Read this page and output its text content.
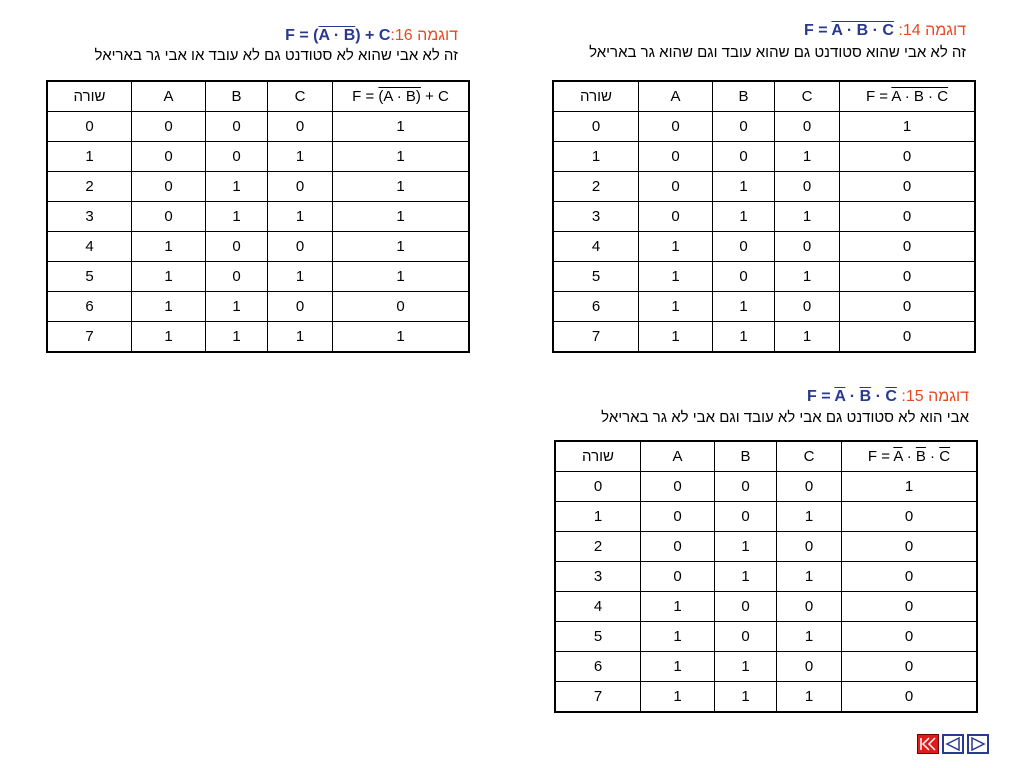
דוגמה F = (A · B) + C:16
זה לא אבי שהוא לא סטודנט גם לא עובד או אבי גר באריאל
שורה	A	B	C	F = (A · B) + C
0	0	0	0	1
1	0	0	1	1
2	0	1	0	1
3	0	1	1	1
4	1	0	0	1
5	1	0	1	1
6	1	1	0	0
7	1	1	1	1
דוגמה 14: F = A · B · C
זה לא אבי שהוא סטודנט גם שהוא עובד וגם שהוא גר באריאל
שורה	A	B	C	F = A · B · C
0	0	0	0	1
1	0	0	1	0
2	0	1	0	0
3	0	1	1	0
4	1	0	0	0
5	1	0	1	0
6	1	1	0	0
7	1	1	1	0
דוגמה 15: $F = \overline{A} \cdot \overline{B} \cdot \overline{C}$
אבי הוא לא סטודנט גם אבי לא עובד וגם אבי לא גר באריאל
שורה	A	B	C	$F = \overline{A} \cdot \overline{B} \cdot \overline{C}$
0	0	0	0	1
1	0	0	1	0
2	0	1	0	0
3	0	1	1	0
4	1	0	0	0
5	1	0	1	0
6	1	1	0	0
7	1	1	1	0
